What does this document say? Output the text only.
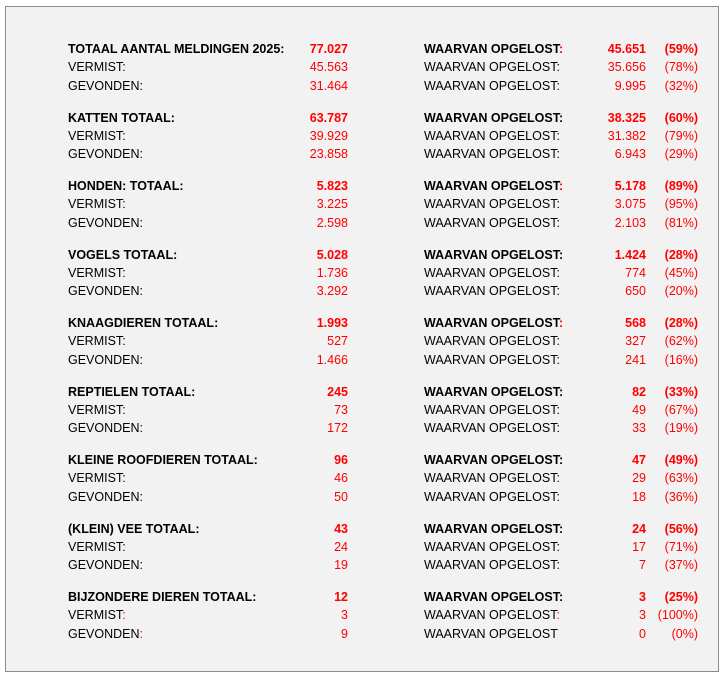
TOTAAL AANTAL MELDINGEN 2025: 77.027	WAARVAN OPGELOST:	45.651 (59%)
VERMIST:	45.563	WAARVAN OPGELOST:	35.656 (78%)
GEVONDEN:	31.464	WAARVAN OPGELOST:	9.995 (32%)
KATTEN TOTAAL:	63.787	WAARVAN OPGELOST:	38.325 (60%)
VERMIST:	39.929	WAARVAN OPGELOST:	31.382 (79%)
GEVONDEN:	23.858	WAARVAN OPGELOST:	6.943 (29%)
HONDEN: TOTAAL:	5.823	WAARVAN OPGELOST:	5.178 (89%)
VERMIST:	3.225	WAARVAN OPGELOST:	3.075 (95%)
GEVONDEN:	2.598	WAARVAN OPGELOST:	2.103 (81%)
VOGELS TOTAAL:	5.028	WAARVAN OPGELOST:	1.424 (28%)
VERMIST:	1.736	WAARVAN OPGELOST:	774 (45%)
GEVONDEN:	3.292	WAARVAN OPGELOST:	650 (20%)
KNAAGDIEREN TOTAAL:	1.993	WAARVAN OPGELOST:	568 (28%)
VERMIST:	527	WAARVAN OPGELOST:	327 (62%)
GEVONDEN:	1.466	WAARVAN OPGELOST:	241 (16%)
REPTIELEN TOTAAL:	245	WAARVAN OPGELOST:	82 (33%)
VERMIST:	73	WAARVAN OPGELOST:	49 (67%)
GEVONDEN:	172	WAARVAN OPGELOST:	33 (19%)
KLEINE ROOFDIEREN TOTAAL:	96	WAARVAN OPGELOST:	47 (49%)
VERMIST:	46	WAARVAN OPGELOST:	29 (63%)
GEVONDEN:	50	WAARVAN OPGELOST:	18 (36%)
(KLEIN) VEE TOTAAL:	43	WAARVAN OPGELOST:	24 (56%)
VERMIST:	24	WAARVAN OPGELOST:	17 (71%)
GEVONDEN:	19	WAARVAN OPGELOST:	7 (37%)
BIJZONDERE DIEREN TOTAAL:	12	WAARVAN OPGELOST:	3 (25%)
VERMIST:	3	WAARVAN OPGELOST:	3 (100%)
GEVONDEN:	9	WAARVAN OPGELOST	0 (0%)
